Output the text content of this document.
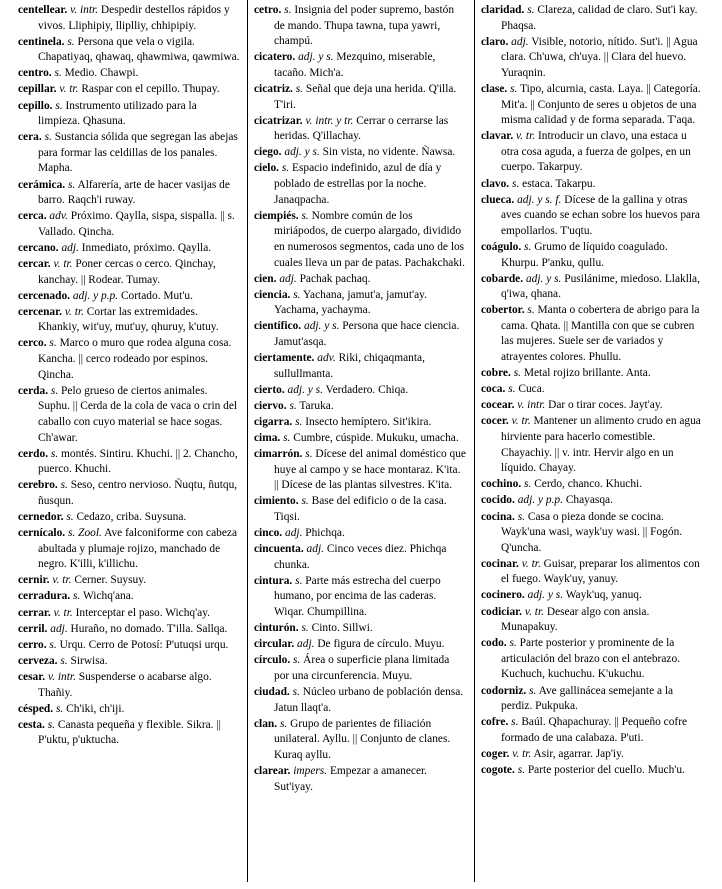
centellear. v. intr. Despedir destellos rápidos y vivos. Lliphipiy, lliplliy, chhipipiy.
centinela. s. Persona que vela o vigila. Chapatiyaq, qhawaq, qhawmiwa, qawmiwa.
centro. s. Medio. Chawpi.
cepillar. v. tr. Raspar con el cepillo. Thupay.
cepillo. s. Instrumento utilizado para la limpieza. Qhasuna.
cera. s. Sustancia sólida que segregan las abejas para formar las celdillas de los panales. Mapha.
cerámica. s. Alfarería, arte de hacer vasijas de barro. Raqch'i ruway.
cerca. adv. Próximo. Qaylla, sispa, sispalla. || s. Vallado. Qincha.
cercano. adj. Inmediato, próximo. Qaylla.
cercar. v. tr. Poner cercas o cerco. Qinchay, kanchay. || Rodear. Tumay.
cercenado. adj. y p.p. Cortado. Mut'u.
cercenar. v. tr. Cortar las extremidades. Khankiy, wit'uy, mut'uy, qhuruy, k'utuy.
cerco. s. Marco o muro que rodea alguna cosa. Kancha. || cerco rodeado por espinos. Qincha.
cerda. s. Pelo grueso de ciertos animales. Suphu. || Cerda de la cola de vaca o crin del caballo con cuyo material se hace sogas. Ch'awar.
cerdo. s. montés. Sintiru. Khuchi. || 2. Chancho, puerco. Khuchi.
cerebro. s. Seso, centro nervioso. Ñuqtu, ñutqu, ñusqun.
cernedor. s. Cedazo, criba. Suysuna.
cernícalo. s. Zool. Ave falconiforme con cabeza abultada y plumaje rojizo, manchado de negro. K'illi, k'illichu.
cernir. v. tr. Cerner. Suysuy.
cerradura. s. Wichq'ana.
cerrar. v. tr. Interceptar el paso. Wichq'ay.
cerril. adj. Huraño, no domado. T'illa. Sallqa.
cerro. s. Urqu. Cerro de Potosí: P'utuqsi urqu.
cerveza. s. Sirwisa.
cesar. v. intr. Suspenderse o acabarse algo. Thañiy.
césped. s. Ch'iki, ch'iji.
cesta. s. Canasta pequeña y flexible. Sikra. || P'uktu, p'uktucha.
cetro. s. Insignia del poder supremo, bastón de mando. Thupa tawna, tupa yawri, champú.
cicatero. adj. y s. Mezquino, miserable, tacaño. Mich'a.
cicatriz. s. Señal que deja una herida. Q'illa. T'iri.
cicatrizar. v. intr. y tr. Cerrar o cerrarse las heridas. Q'illachay.
ciego. adj. y s. Sin vista, no vidente. Ñawsa.
cielo. s. Espacio indefinido, azul de día y poblado de estrellas por la noche. Janaqpacha.
ciempiés. s. Nombre común de los miriápodos, de cuerpo alargado, dividido en numerosos segmentos, cada uno de los cuales lleva un par de patas. Pachakchaki.
cien. adj. Pachak pachaq.
ciencia. s. Yachana, jamut'a, jamut'ay. Yachama, yachayma.
científico. adj. y s. Persona que hace ciencia. Jamut'asqa.
ciertamente. adv. Riki, chiqaqmanta, sullullmanta.
cierto. adj. y s. Verdadero. Chiqa.
ciervo. s. Taruka.
cigarra. s. Insecto hemíptero. Sit'ikira.
cima. s. Cumbre, cúspide. Mukuku, umacha.
cimarrón. s. Dícese del animal doméstico que huye al campo y se hace montaraz. K'ita. || Dícese de las plantas silvestres. K'ita.
cimiento. s. Base del edificio o de la casa. Tiqsi.
cinco. adj. Phichqa.
cincuenta. adj. Cinco veces diez. Phichqa chunka.
cintura. s. Parte más estrecha del cuerpo humano, por encima de las caderas. Wiqar. Chumpillina.
cinturón. s. Cinto. Sillwi.
circular. adj. De figura de círculo. Muyu.
círculo. s. Área o superficie plana limitada por una circunferencia. Muyu.
ciudad. s. Núcleo urbano de población densa. Jatun llaqt'a.
clan. s. Grupo de parientes de filiación unilateral. Ayllu. || Conjunto de clanes. Kuraq ayllu.
clarear. impers. Empezar a amanecer. Sut'iyay.
claridad. s. Clareza, calidad de claro. Sut'i kay. Phaqsa.
claro. adj. Visible, notorio, nítido. Sut'i. || Agua clara. Ch'uwa, ch'uya. || Clara del huevo. Yuraqnin.
clase. s. Tipo, alcurnia, casta. Laya. || Categoría. Mit'a. || Conjunto de seres u objetos de una misma calidad y de forma separada. T'aqa.
clavar. v. tr. Introducir un clavo, una estaca u otra cosa aguda, a fuerza de golpes, en un cuerpo. Takarpuy.
clavo. s. estaca. Takarpu.
clueca. adj. y s. f. Dícese de la gallina y otras aves cuando se echan sobre los huevos para empollarlos. T'uqtu.
coágulo. s. Grumo de líquido coagulado. Khurpu. P'anku, qullu.
cobarde. adj. y s. Pusilánime, miedoso. Llaklla, q'iwa, qhana.
cobertor. s. Manta o cobertera de abrigo para la cama. Qhata. || Mantilla con que se cubren las mujeres. Suele ser de variados y atrayentes colores. Phullu.
cobre. s. Metal rojizo brillante. Anta.
coca. s. Cuca.
cocear. v. intr. Dar o tirar coces. Jayt'ay.
cocer. v. tr. Mantener un alimento crudo en agua hirviente para hacerlo comestible. Chayachiy. || v. intr. Hervir algo en un líquido. Chayay.
cochino. s. Cerdo, chanco. Khuchi.
cocido. adj. y p.p. Chayasqa.
cocina. s. Casa o pieza donde se cocina. Wayk'una wasi, wayk'uy wasi. || Fogón. Q'uncha.
cocinar. v. tr. Guisar, preparar los alimentos con el fuego. Wayk'uy, yanuy.
cocinero. adj. y s. Wayk'uq, yanuq.
codiciar. v. tr. Desear algo con ansia. Munapakuy.
codo. s. Parte posterior y prominente de la articulación del brazo con el antebrazo. Kuchuch, kuchuchu. K'ukuchu.
codorniz. s. Ave gallinácea semejante a la perdiz. Pukpuka.
cofre. s. Baúl. Qhapachuray. || Pequeño cofre formado de una calabaza. P'uti.
coger. v. tr. Asir, agarrar. Jap'iy.
cogote. s. Parte posterior del cuello. Much'u.
